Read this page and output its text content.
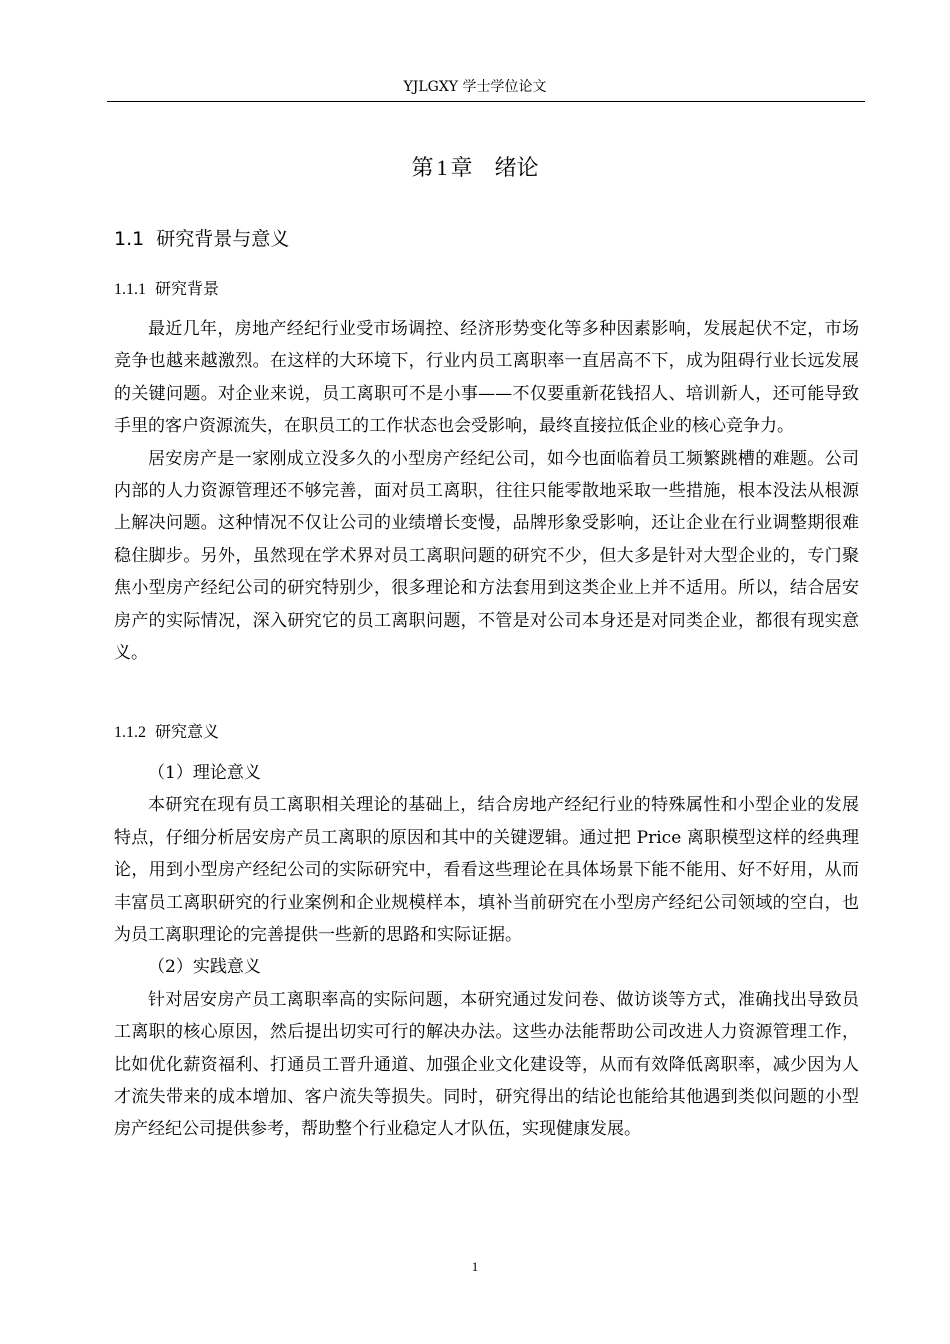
YJLGXY 学士学位论文
第 1 章 绪论
1.1 研究背景与意义
1.1.1 研究背景

最近几年，房地产经纪行业受市场调控、经济形势变化等多种因素影响，发展起伏不定，市场竞争也越来越激烈。在这样的大环境下，行业内员工离职率一直居高不下，成为阻碍行业长远发展的关键问题。对企业来说，员工离职可不是小事——不仅要重新花钱招人、培训新人，还可能导致手里的客户资源流失，在职员工的工作状态也会受影响，最终直接拉低企业的核心竞争力。

居安房产是一家刚成立没多久的小型房产经纪公司，如今也面临着员工频繁跳槽的难题。公司内部的人力资源管理还不够完善，面对员工离职，往往只能零散地采取一些措施，根本没法从根源上解决问题。这种情况不仅让公司的业绩增长变慢，品牌形象受影响，还让企业在行业调整期很难稳住脚步。另外，虽然现在学术界对员工离职问题的研究不少，但大多是针对大型企业的，专门聚焦小型房产经纪公司的研究特别少，很多理论和方法套用到这类企业上并不适用。所以，结合居安房产的实际情况，深入研究它的员工离职问题，不管是对公司本身还是对同类企业，都很有现实意义。

1.1.2 研究意义

（1）理论意义

本研究在现有员工离职相关理论的基础上，结合房地产经纪行业的特殊属性和小型企业的发展特点，仔细分析居安房产员工离职的原因和其中的关键逻辑。通过把 Price 离职模型这样的经典理论，用到小型房产经纪公司的实际研究中，看看这些理论在具体场景下能不能用、好不好用，从而丰富员工离职研究的行业案例和企业规模样本，填补当前研究在小型房产经纪公司领域的空白，也为员工离职理论的完善提供一些新的思路和实际证据。

（2）实践意义

针对居安房产员工离职率高的实际问题，本研究通过发问卷、做访谈等方式，准确找出导致员工离职的核心原因，然后提出切实可行的解决办法。这些办法能帮助公司改进人力资源管理工作，比如优化薪资福利、打通员工晋升通道、加强企业文化建设等，从而有效降低离职率，减少因为人才流失带来的成本增加、客户流失等损失。同时，研究得出的结论也能给其他遇到类似问题的小型房产经纪公司提供参考，帮助整个行业稳定人才队伍，实现健康发展。

1
